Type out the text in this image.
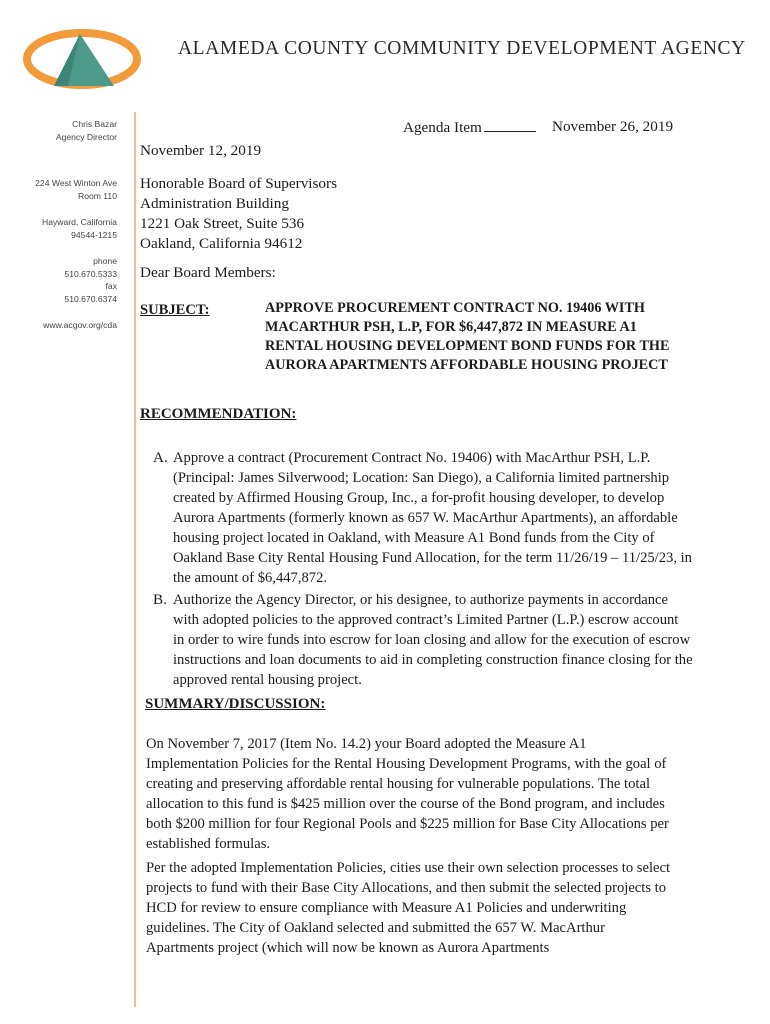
ALAMEDA COUNTY COMMUNITY DEVELOPMENT AGENCY
Chris Bazar
Agency Director
224 West Winton Ave
Room 110
Hayward, California
94544-1215
phone
510.670.5333
fax
510.670.6374
www.acgov.org/cda
Agenda Item	November 26, 2019
November 12, 2019
Honorable Board of Supervisors
Administration Building
1221 Oak Street, Suite 536
Oakland, California 94612
Dear Board Members:
SUBJECT:	APPROVE PROCUREMENT CONTRACT NO. 19406 WITH MACARTHUR PSH, L.P, FOR $6,447,872 IN MEASURE A1 RENTAL HOUSING DEVELOPMENT BOND FUNDS FOR THE AURORA APARTMENTS AFFORDABLE HOUSING PROJECT
RECOMMENDATION:
A. Approve a contract (Procurement Contract No. 19406) with MacArthur PSH, L.P. (Principal: James Silverwood; Location: San Diego), a California limited partnership created by Affirmed Housing Group, Inc., a for-profit housing developer, to develop Aurora Apartments (formerly known as 657 W. MacArthur Apartments), an affordable housing project located in Oakland, with Measure A1 Bond funds from the City of Oakland Base City Rental Housing Fund Allocation, for the term 11/26/19 – 11/25/23, in the amount of $6,447,872.
B. Authorize the Agency Director, or his designee, to authorize payments in accordance with adopted policies to the approved contract’s Limited Partner (L.P.) escrow account in order to wire funds into escrow for loan closing and allow for the execution of escrow instructions and loan documents to aid in completing construction finance closing for the approved rental housing project.
SUMMARY/DISCUSSION:
On November 7, 2017 (Item No. 14.2) your Board adopted the Measure A1 Implementation Policies for the Rental Housing Development Programs, with the goal of creating and preserving affordable rental housing for vulnerable populations. The total allocation to this fund is $425 million over the course of the Bond program, and includes both $200 million for four Regional Pools and $225 million for Base City Allocations per established formulas.
Per the adopted Implementation Policies, cities use their own selection processes to select projects to fund with their Base City Allocations, and then submit the selected projects to HCD for review to ensure compliance with Measure A1 Policies and underwriting guidelines. The City of Oakland selected and submitted the 657 W. MacArthur Apartments project (which will now be known as Aurora Apartments
